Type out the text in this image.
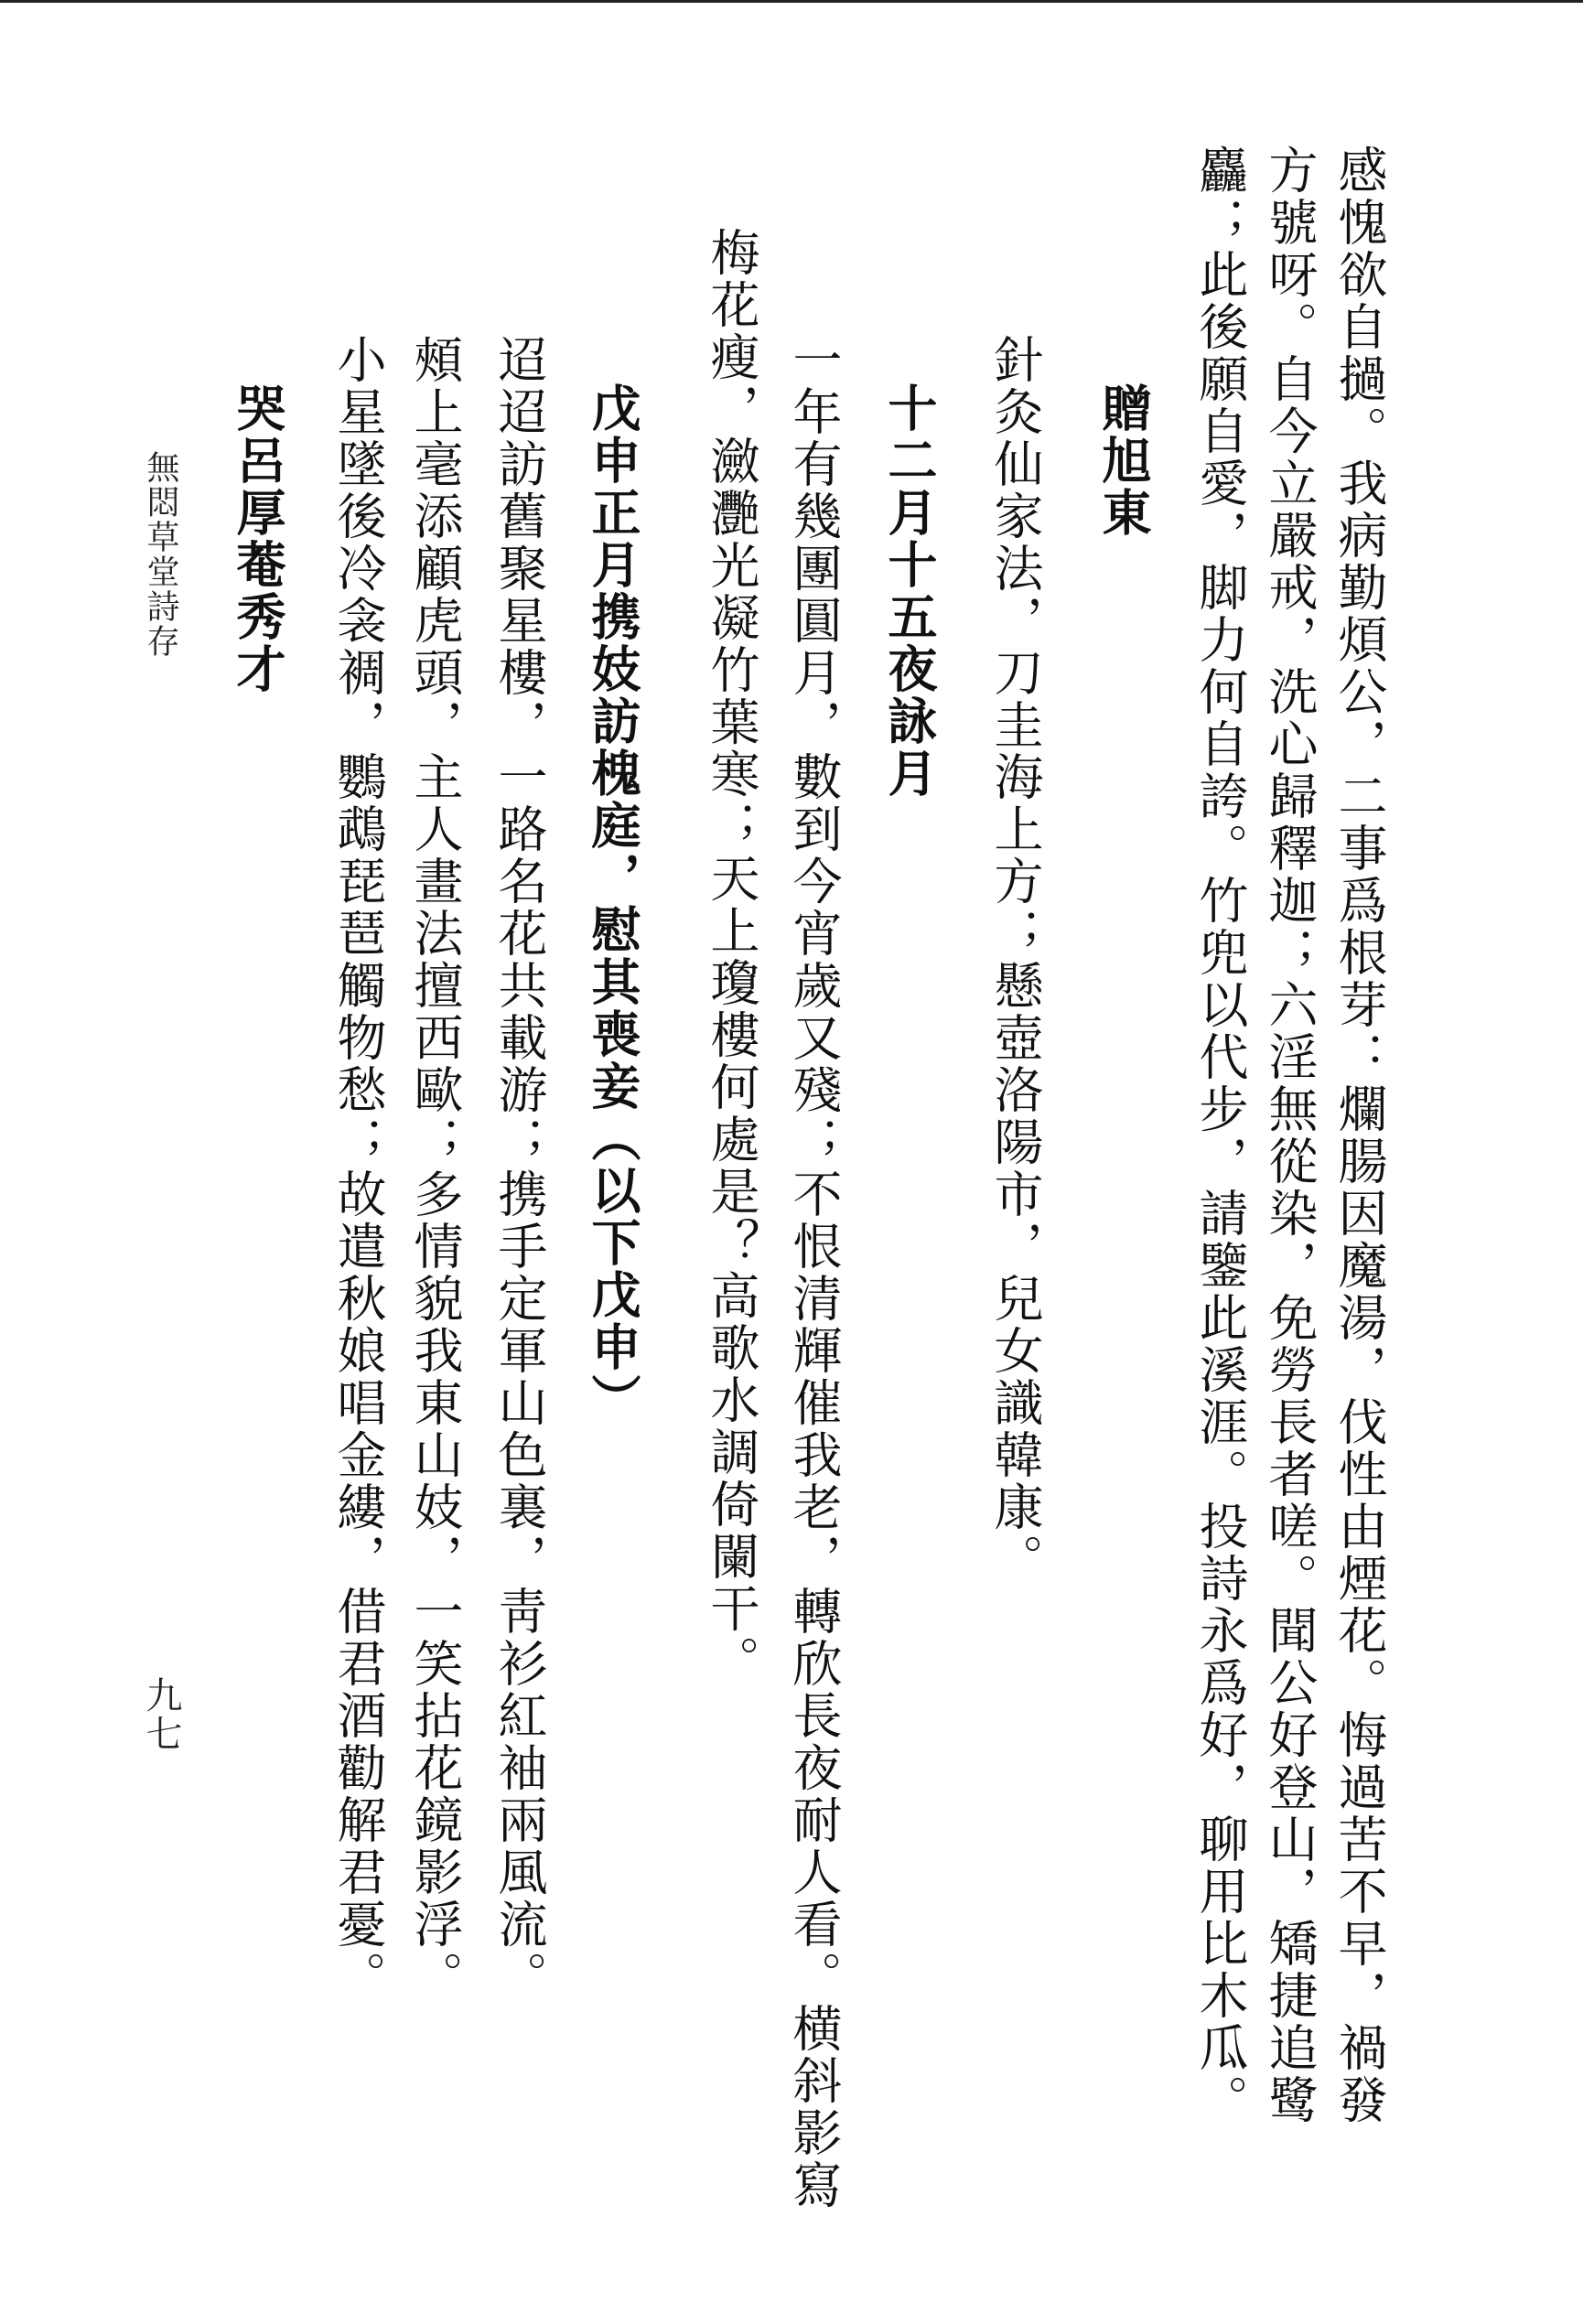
感愧欲自撾。我病勤煩公，二事爲根芽：爛腸因魔湯，伐性由煙花。悔過苦不早，禍發
方號呀。自今立嚴戒，洗心歸釋迦；六淫無從染，免勞長者嗟。聞公好登山，矯捷追鹭
麤；此後願自愛，脚力何自誇。竹兜以代步，請鑒此溪涯。投詩永爲好，聊用比木瓜。
贈旭東
針灸仙家法，刀圭海上方；懸壺洛陽市，兒女識韓康。
十二月十五夜詠月
一年有幾團圓月，數到今宵歲又殘；不恨清輝催我老，轉欣長夜耐人看。横斜影寫
梅花瘦，瀲灧光凝竹葉寒；天上瓊樓何處是？高歌水調倚闌干。
戊申正月携妓訪槐庭，慰其喪妾（以下戊申）
迢迢訪舊聚星樓，一路名花共載游；携手定軍山色裏，靑衫紅袖兩風流。
頰上毫添顧虎頭，主人畫法擅西歐；多情貌我東山妓，一笑拈花鏡影浮。
小星墜後冷衾裯，鸚鵡琵琶觸物愁；故遣秋娘唱金縷，借君酒勸解君憂。
哭呂厚菴秀才
無悶草堂詩存
九七
